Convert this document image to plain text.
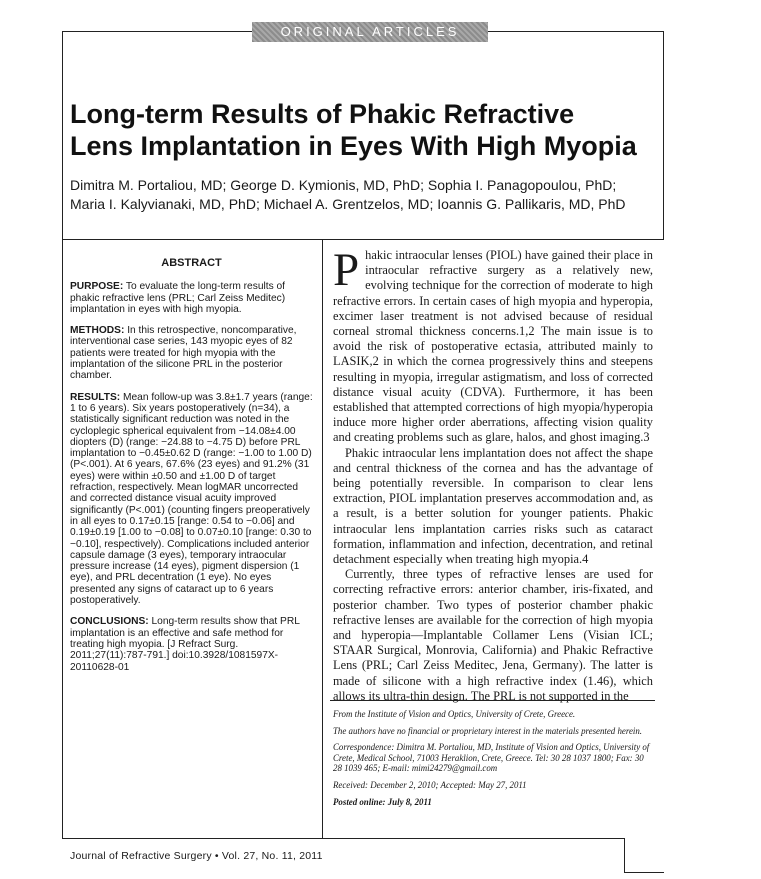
ORIGINAL ARTICLES
Long-term Results of Phakic Refractive
Lens Implantation in Eyes With High Myopia

Dimitra M. Portaliou, MD; George D. Kymionis, MD, PhD; Sophia I. Panagopoulou, PhD;
Maria I. Kalyvianaki, MD, PhD; Michael A. Grentzelos, MD; Ioannis G. Pallikaris, MD, PhD

ABSTRACT

PURPOSE: To evaluate the long-term results of phakic refractive lens (PRL; Carl Zeiss Meditec) implantation in eyes with high myopia.

METHODS: In this retrospective, noncomparative, interventional case series, 143 myopic eyes of 82 patients were treated for high myopia with the implantation of the silicone PRL in the posterior chamber.

RESULTS: Mean follow-up was 3.8±1.7 years (range: 1 to 6 years). Six years postoperatively (n=34), a statistically significant reduction was noted in the cycloplegic spherical equivalent from −14.08±4.00 diopters (D) (range: −24.88 to −4.75 D) before PRL implantation to −0.45±0.62 D (range: −1.00 to 1.00 D) (P<.001). At 6 years, 67.6% (23 eyes) and 91.2% (31 eyes) were within ±0.50 and ±1.00 D of target refraction, respectively. Mean logMAR uncorrected and corrected distance visual acuity improved significantly (P<.001) (counting fingers preoperatively in all eyes to 0.17±0.15 [range: 0.54 to −0.06] and 0.19±0.19 [1.00 to −0.08] to 0.07±0.10 [range: 0.30 to −0.10], respectively). Complications included anterior capsule damage (3 eyes), temporary intraocular pressure increase (14 eyes), pigment dispersion (1 eye), and PRL decentration (1 eye). No eyes presented any signs of cataract up to 6 years postoperatively.

CONCLUSIONS: Long-term results show that PRL implantation is an effective and safe method for treating high myopia. [J Refract Surg. 2011;27(11):787-791.] doi:10.3928/1081597X-20110628-01

P hakic intraocular lenses (PIOL) have gained their place in intraocular refractive surgery as a relatively new, evolving technique for the correction of moderate to high refractive errors. In certain cases of high myopia and hyperopia, excimer laser treatment is not advised because of residual corneal stromal thickness concerns.1,2 The main issue is to avoid the risk of postoperative ectasia, attributed mainly to LASIK,2 in which the cornea progressively thins and steepens resulting in myopia, irregular astigmatism, and loss of corrected distance visual acuity (CDVA). Furthermore, it has been established that attempted corrections of high myopia/hyperopia induce more higher order aberrations, affecting vision quality and creating problems such as glare, halos, and ghost imaging.3

Phakic intraocular lens implantation does not affect the shape and central thickness of the cornea and has the advantage of being potentially reversible. In comparison to clear lens extraction, PIOL implantation preserves accommodation and, as a result, is a better solution for younger patients. Phakic intraocular lens implantation carries risks such as cataract formation, inflammation and infection, decentration, and retinal detachment especially when treating high myopia.4

Currently, three types of refractive lenses are used for correcting refractive errors: anterior chamber, iris-fixated, and posterior chamber. Two types of posterior chamber phakic refractive lenses are available for the correction of high myopia and hyperopia—Implantable Collamer Lens (Visian ICL; STAAR Surgical, Monrovia, California) and Phakic Refractive Lens (PRL; Carl Zeiss Meditec, Jena, Germany). The latter is made of silicone with a high refractive index (1.46), which allows its ultra-thin design. The PRL is not supported in the

From the Institute of Vision and Optics, University of Crete, Greece.

The authors have no financial or proprietary interest in the materials presented herein.

Correspondence: Dimitra M. Portaliou, MD, Institute of Vision and Optics, University of Crete, Medical School, 71003 Heraklion, Crete, Greece. Tel: 30 28 1037 1800; Fax: 30 28 1039 465; E-mail: mimi24279@gmail.com

Received: December 2, 2010; Accepted: May 27, 2011

Posted online: July 8, 2011

Journal of Refractive Surgery • Vol. 27, No. 11, 2011
